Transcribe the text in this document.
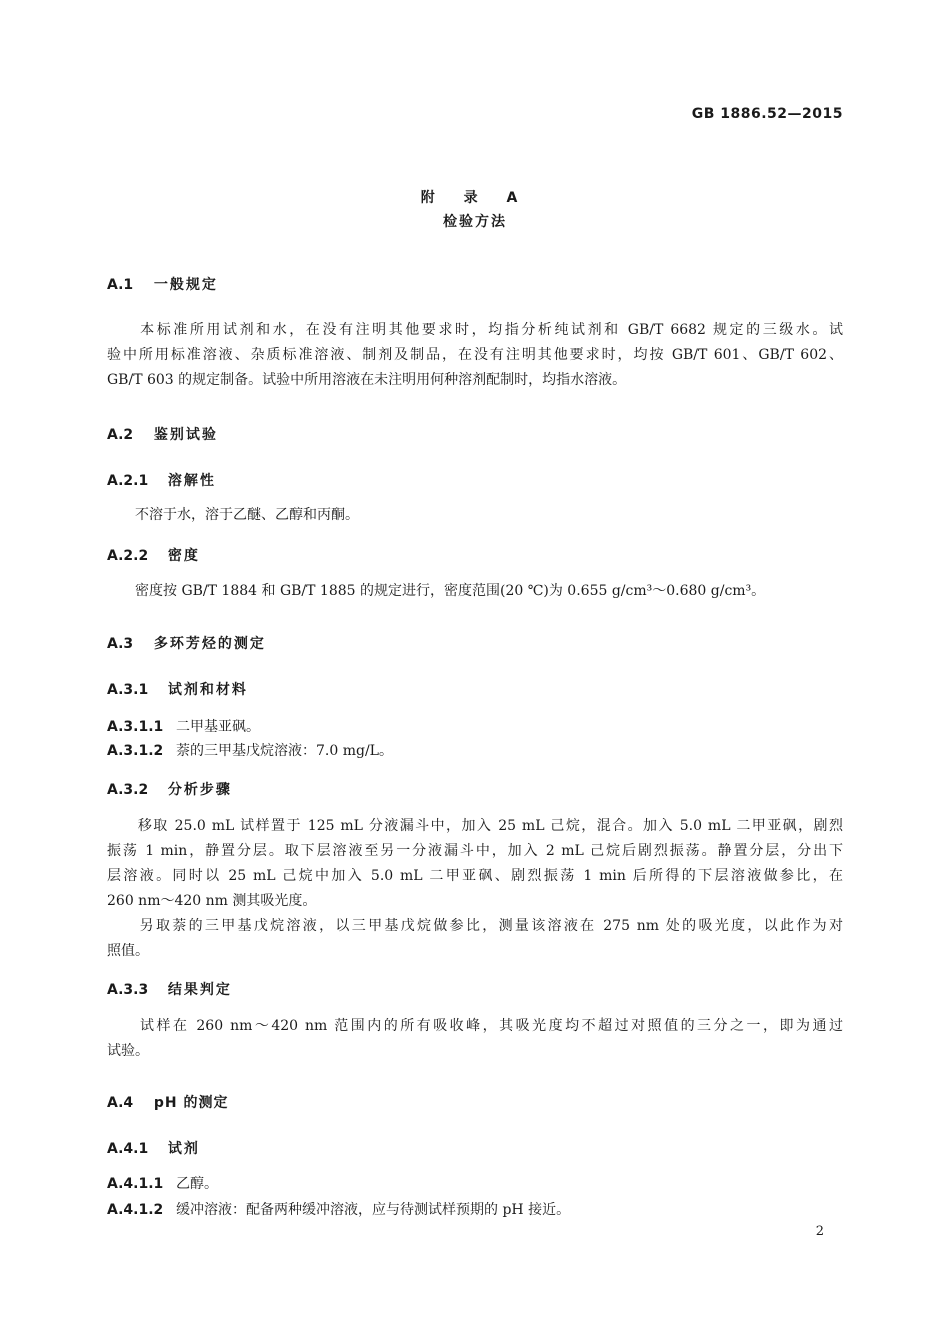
GB 1886.52—2015
附 录 A
检验方法
A.1 一般规定
　　本标准所用试剂和水，在没有注明其他要求时，均指分析纯试剂和 GB/T 6682 规定的三级水。试
验中所用标准溶液、杂质标准溶液、制剂及制品，在没有注明其他要求时，均按 GB/T 601、GB/T 602、
GB/T 603 的规定制备。试验中所用溶液在未注明用何种溶剂配制时，均指水溶液。
A.2 鉴别试验
A.2.1 溶解性
　　不溶于水，溶于乙醚、乙醇和丙酮。
A.2.2 密度
　　密度按 GB/T 1884 和 GB/T 1885 的规定进行，密度范围(20 ℃)为 0.655 g/cm³～0.680 g/cm³。
A.3 多环芳烃的测定
A.3.1 试剂和材料
A.3.1.1 二甲基亚砜。
A.3.1.2 萘的三甲基戊烷溶液：7.0 mg/L。
A.3.2 分析步骤
　　移取 25.0 mL 试样置于 125 mL 分液漏斗中，加入 25 mL 己烷，混合。加入 5.0 mL 二甲亚砜，剧烈
振荡 1 min，静置分层。取下层溶液至另一分液漏斗中，加入 2 mL 己烷后剧烈振荡。静置分层，分出下
层溶液。同时以 25 mL 己烷中加入 5.0 mL 二甲亚砜、剧烈振荡 1 min 后所得的下层溶液做参比，在
260 nm～420 nm 测其吸光度。
　　另取萘的三甲基戊烷溶液，以三甲基戊烷做参比，测量该溶液在 275 nm 处的吸光度，以此作为对
照值。
A.3.3 结果判定
　　试样在 260 nm～420 nm 范围内的所有吸收峰，其吸光度均不超过对照值的三分之一，即为通过
试验。
A.4 pH 的测定
A.4.1 试剂
A.4.1.1 乙醇。
A.4.1.2 缓冲溶液：配备两种缓冲溶液，应与待测试样预期的 pH 接近。
2
